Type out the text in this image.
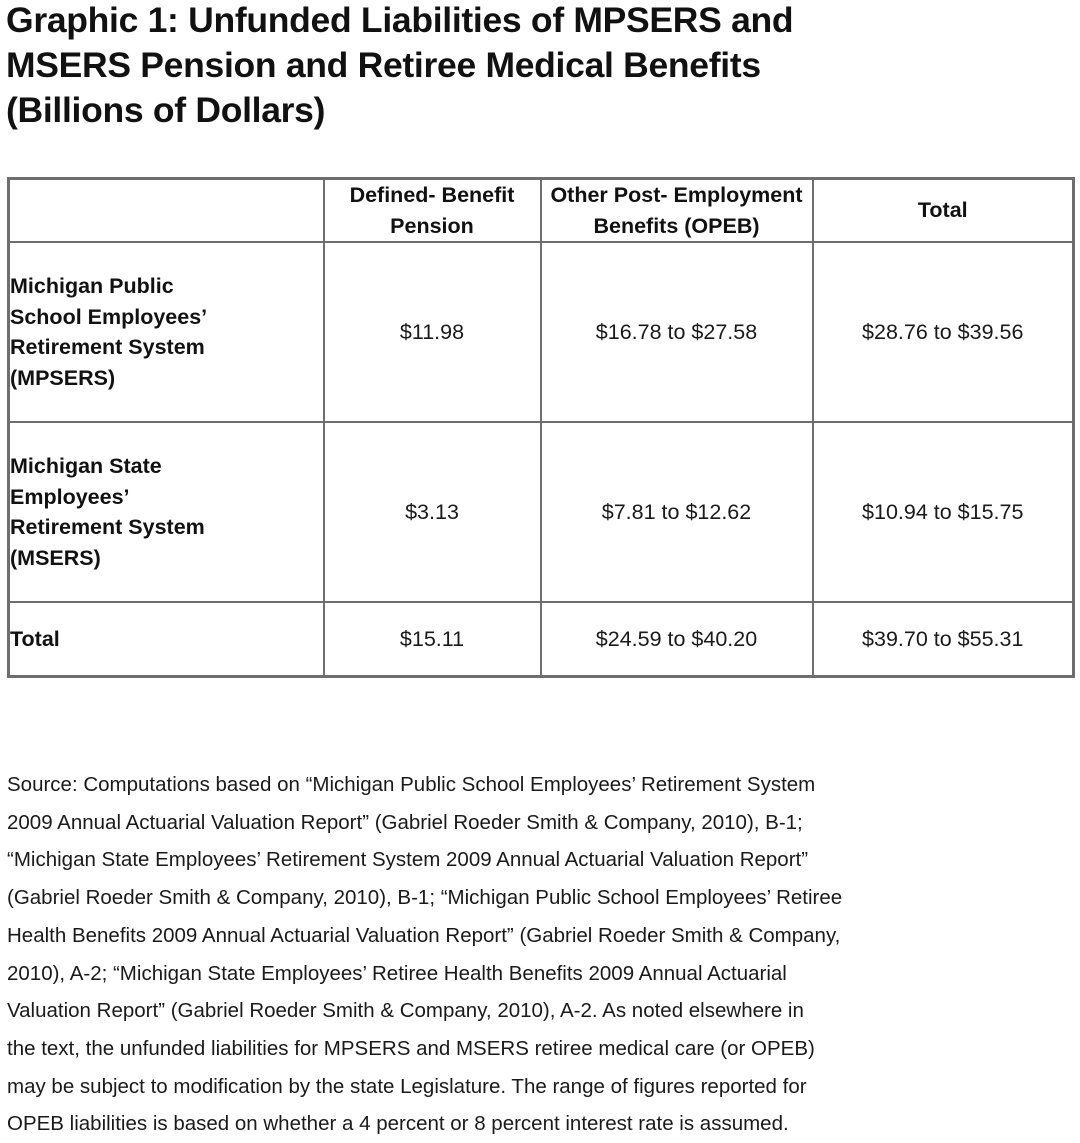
Graphic 1: Unfunded Liabilities of MPSERS and
MSERS Pension and Retiree Medical Benefits
(Billions of Dollars)
	Defined- Benefit Pension	Other Post- Employment Benefits (OPEB)	Total

Michigan Public
School Employees’
Retirement System
(MPSERS)	$11.98	$16.78 to $27.58	$28.76 to $39.56

Michigan State
Employees’
Retirement System
(MSERS)	$3.13	$7.81 to $12.62	$10.94 to $15.75
Total	$15.11	$24.59 to $40.20	$39.70 to $55.31
Source: Computations based on “Michigan Public School Employees’ Retirement System
2009 Annual Actuarial Valuation Report” (Gabriel Roeder Smith & Company, 2010), B-1;
“Michigan State Employees’ Retirement System 2009 Annual Actuarial Valuation Report”
(Gabriel Roeder Smith & Company, 2010), B-1; “Michigan Public School Employees’ Retiree
Health Benefits 2009 Annual Actuarial Valuation Report” (Gabriel Roeder Smith & Company,
2010), A-2; “Michigan State Employees’ Retiree Health Benefits 2009 Annual Actuarial
Valuation Report” (Gabriel Roeder Smith & Company, 2010), A-2. As noted elsewhere in
the text, the unfunded liabilities for MPSERS and MSERS retiree medical care (or OPEB)
may be subject to modification by the state Legislature. The range of figures reported for
OPEB liabilities is based on whether a 4 percent or 8 percent interest rate is assumed.
